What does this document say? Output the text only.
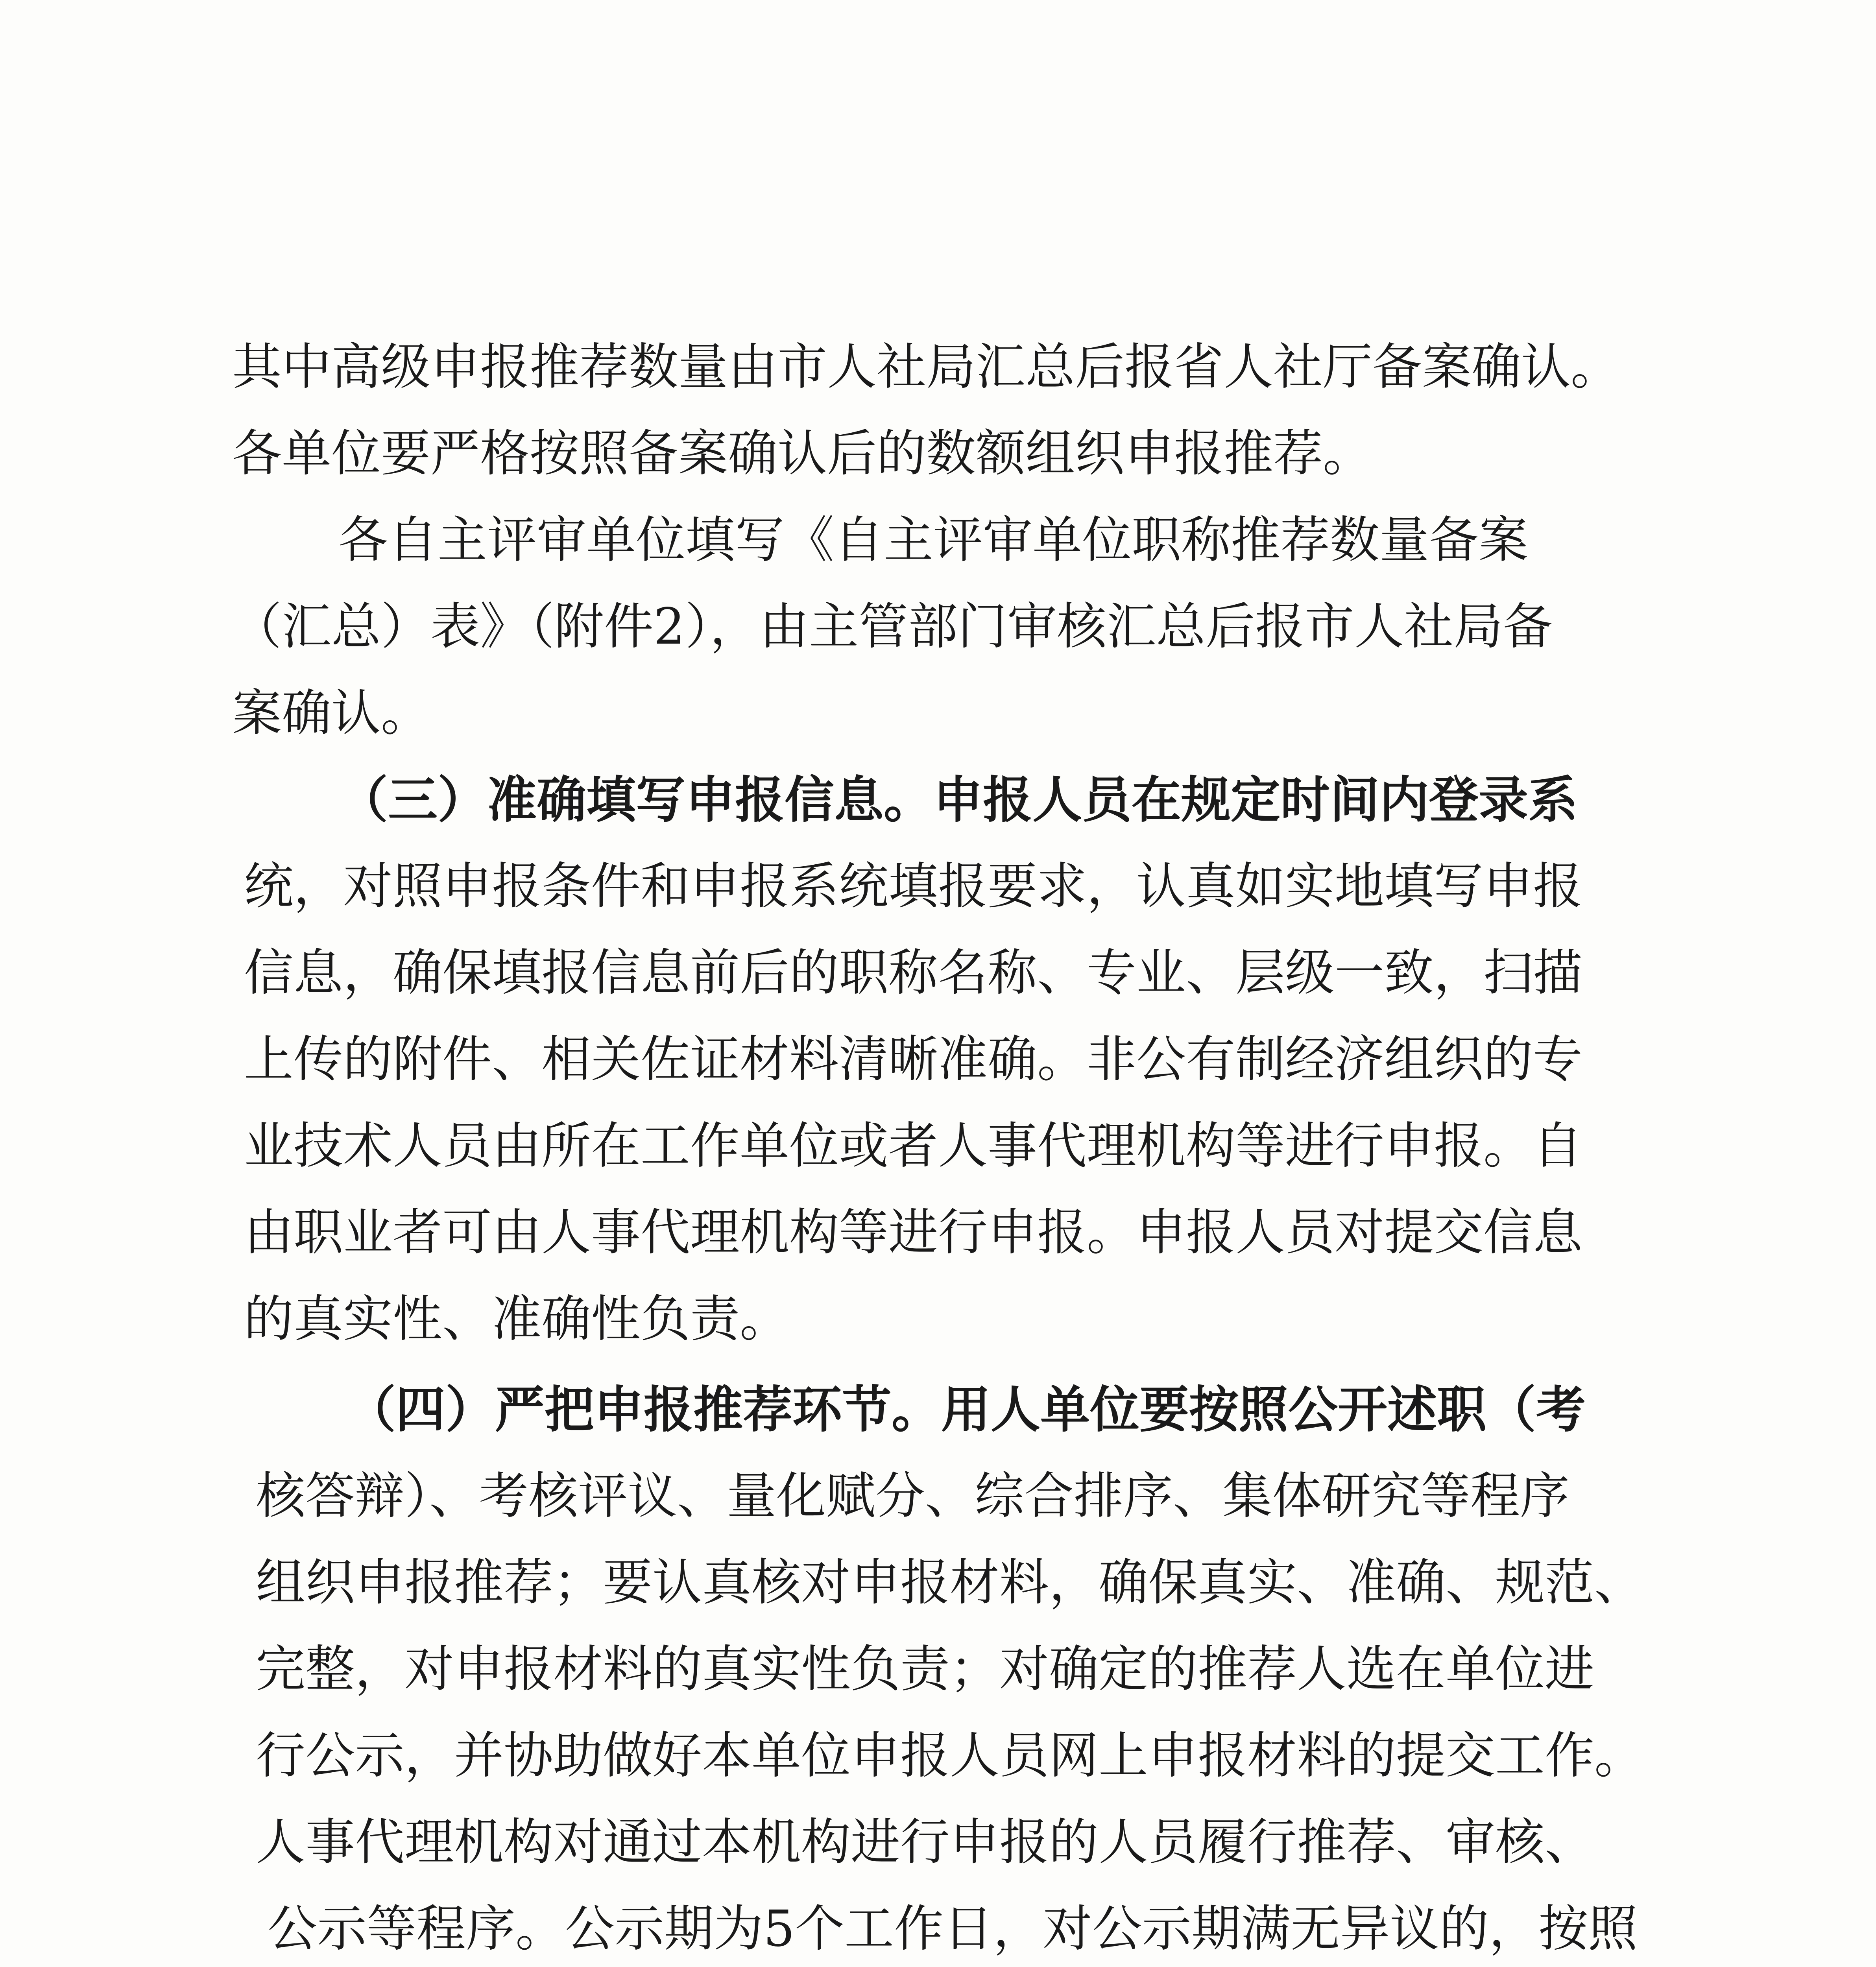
其中高级申报推荐数量由市人社局汇总后报省人社厅备案确认。
各单位要严格按照备案确认后的数额组织申报推荐。
各自主评审单位填写《自主评审单位职称推荐数量备案
（汇总）表》（附件2），由主管部门审核汇总后报市人社局备
案确认。
（三）准确填写申报信息。申报人员在规定时间内登录系
统，对照申报条件和申报系统填报要求，认真如实地填写申报
信息，确保填报信息前后的职称名称、专业、层级一致，扫描
上传的附件、相关佐证材料清晰准确。非公有制经济组织的专
业技术人员由所在工作单位或者人事代理机构等进行申报。自
由职业者可由人事代理机构等进行申报。申报人员对提交信息
的真实性、准确性负责。
（四）严把申报推荐环节。用人单位要按照公开述职（考
核答辩）、考核评议、量化赋分、综合排序、集体研究等程序
组织申报推荐；要认真核对申报材料，确保真实、准确、规范、
完整，对申报材料的真实性负责；对确定的推荐人选在单位进
行公示，并协助做好本单位申报人员网上申报材料的提交工作。
人事代理机构对通过本机构进行申报的人员履行推荐、审核、
公示等程序。公示期为5个工作日，对公示期满无异议的，按照
